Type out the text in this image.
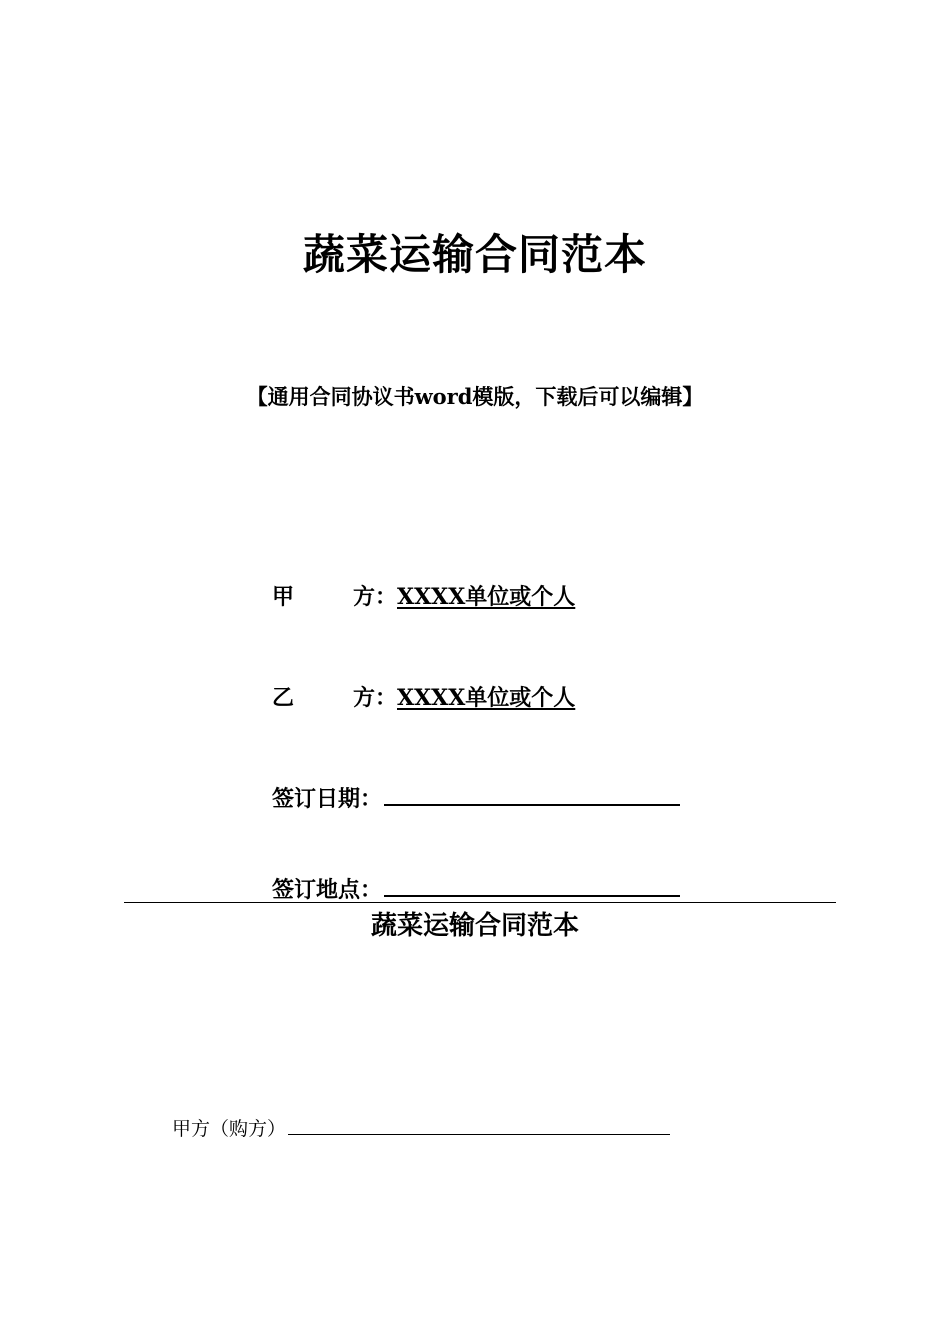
蔬菜运输合同范本
【通用合同协议书word模版，下载后可以编辑】
甲	方： XXXX单位或个人
乙	方： XXXX单位或个人
签订日期：
签订地点：
蔬菜运输合同范本
甲方（购方）
